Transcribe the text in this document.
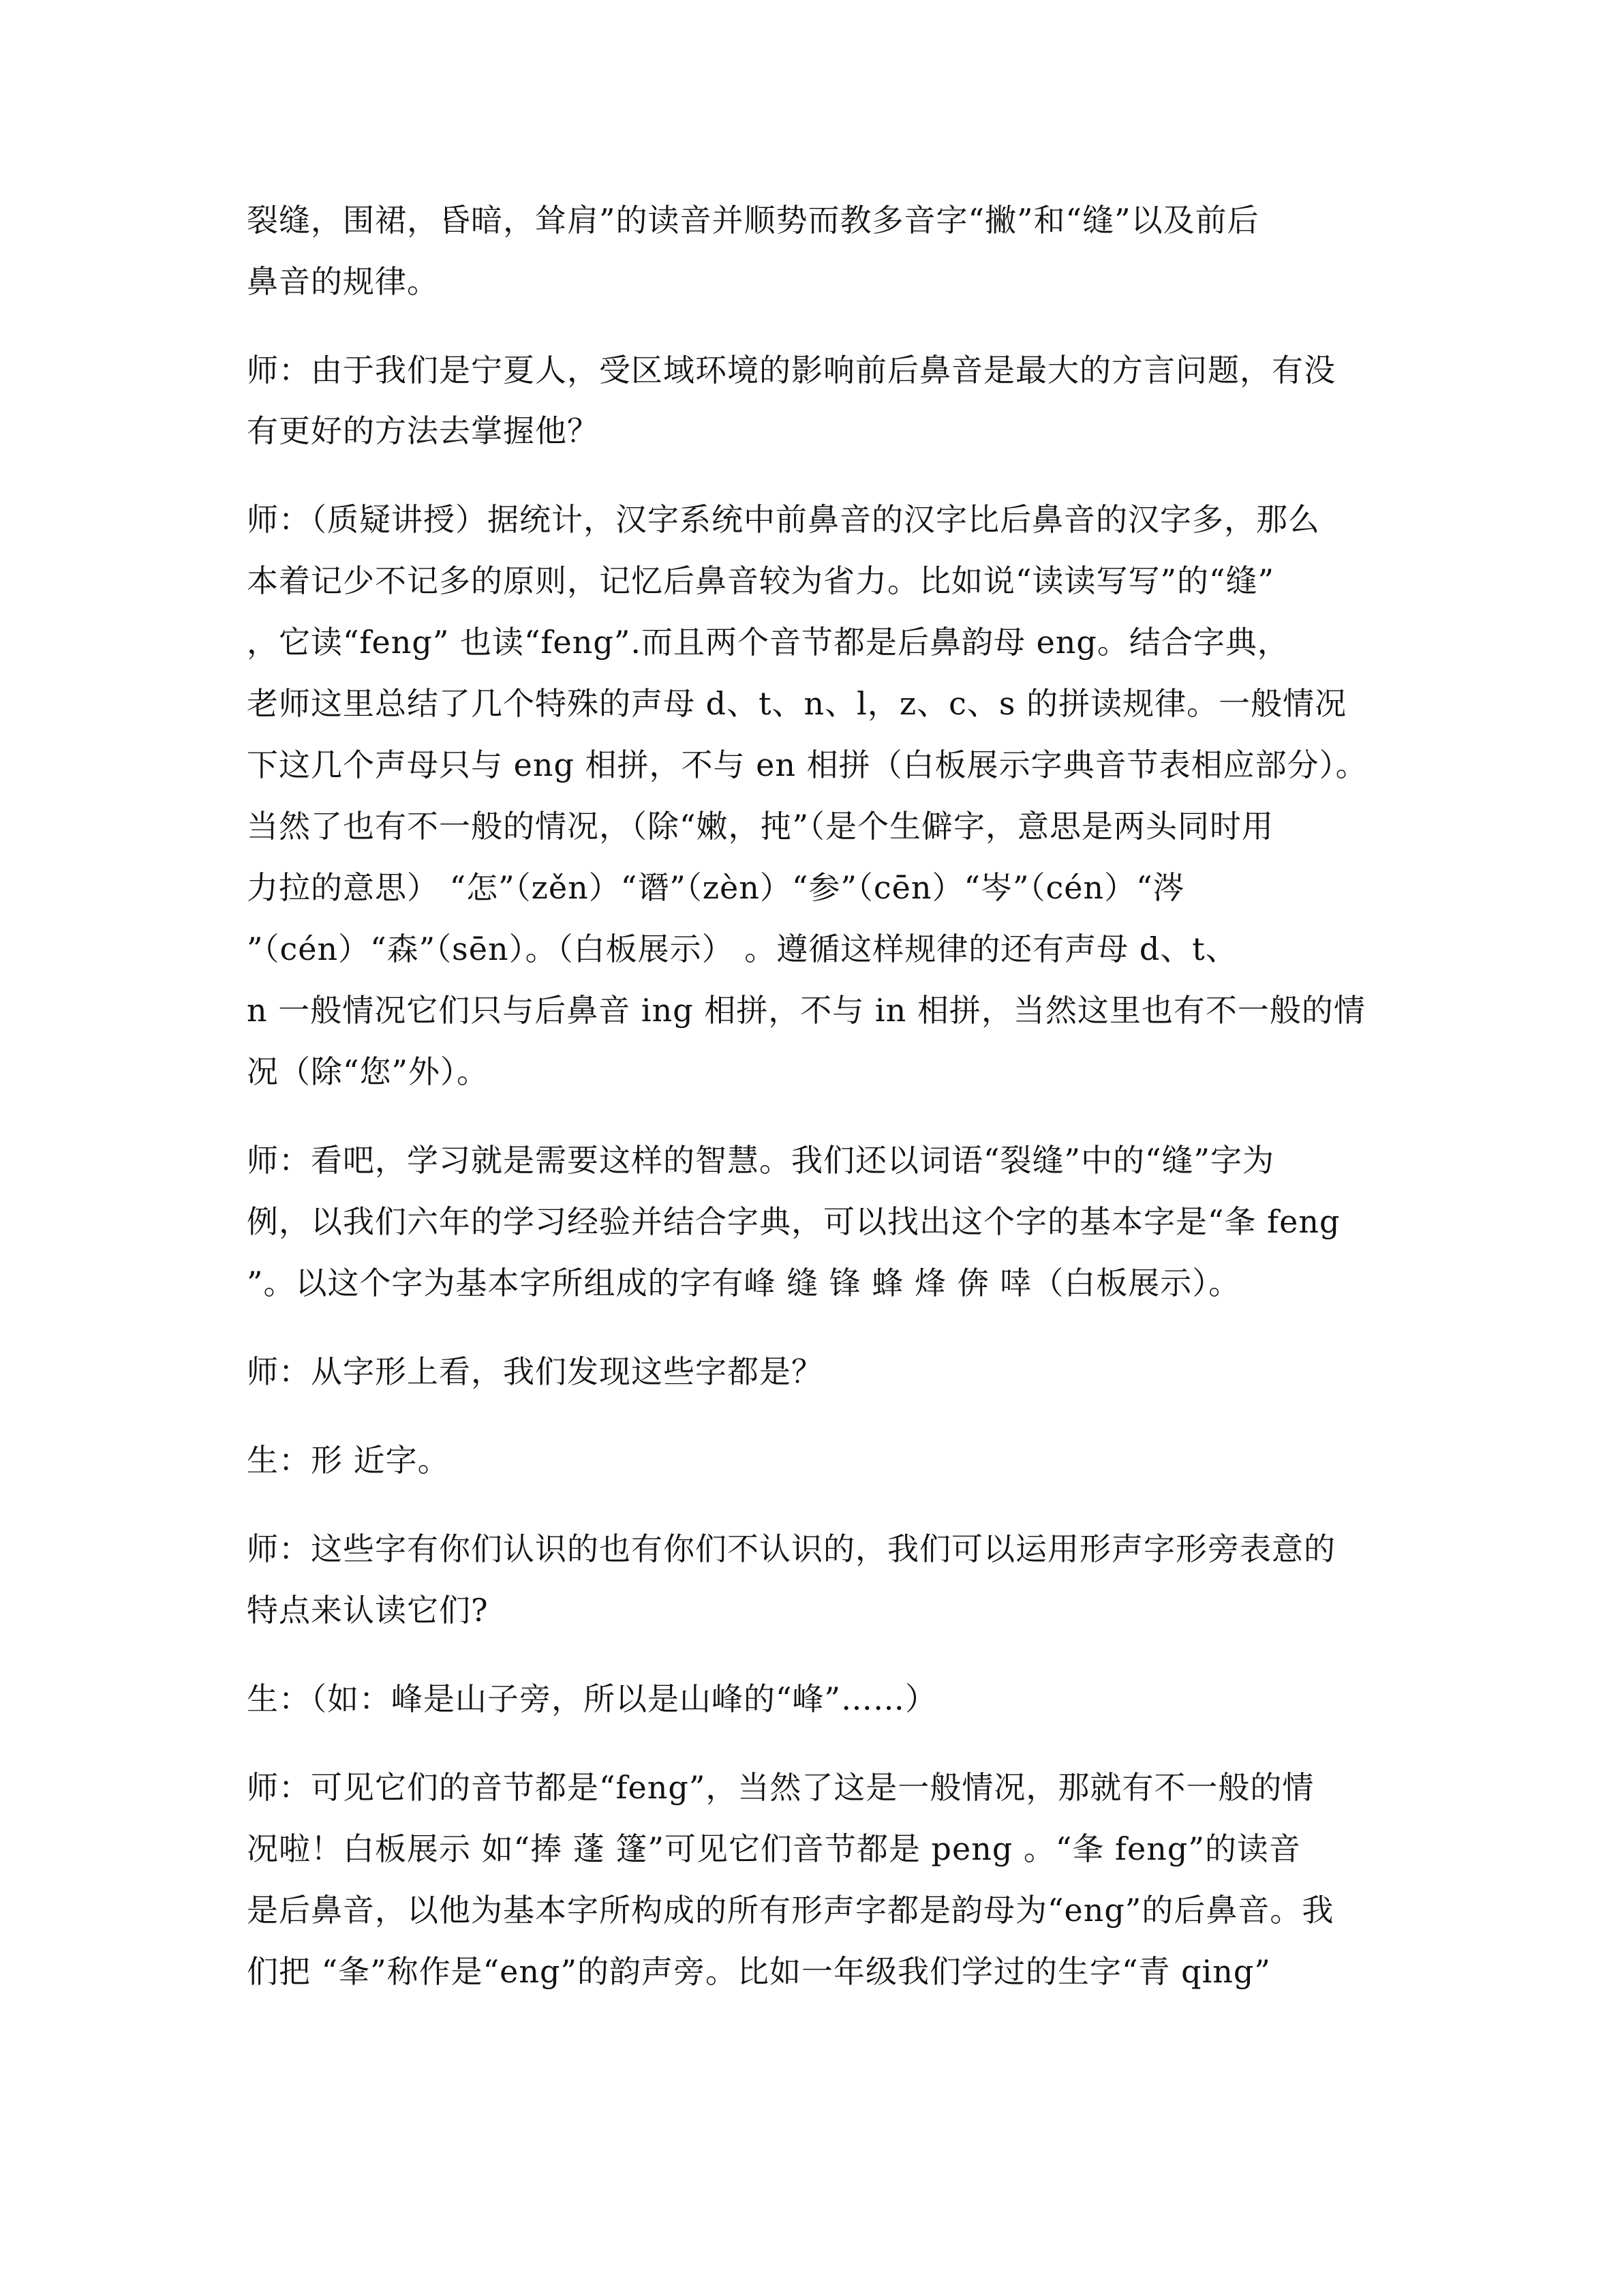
裂缝，围裙，昏暗，耸肩”的读音并顺势而教多音字“撇”和“缝”以及前后
鼻音的规律。
师：由于我们是宁夏人，受区域环境的影响前后鼻音是最大的方言问题，有没
有更好的方法去掌握他？
师：（质疑讲授）据统计，汉字系统中前鼻音的汉字比后鼻音的汉字多，那么
本着记少不记多的原则，记忆后鼻音较为省力。比如说“读读写写”的“缝”
，它读“feng” 也读“feng”.而且两个音节都是后鼻韵母 eng。结合字典，
老师这里总结了几个特殊的声母 d、t、n、l，z、c、s 的拼读规律。一般情况
下这几个声母只与 eng 相拼，不与 en 相拼（白板展示字典音节表相应部分）。
当然了也有不一般的情况，（除“嫩，扽”（是个生僻字，意思是两头同时用
力拉的意思） “怎”（zěn）“谮”（zèn）“参”（cēn）“岑”（cén）“涔
”（cén）“森”（sēn）。（白板展示） 。遵循这样规律的还有声母 d、t、
n 一般情况它们只与后鼻音 ing 相拼，不与 in 相拼，当然这里也有不一般的情
况（除“您”外）。
师：看吧，学习就是需要这样的智慧。我们还以词语“裂缝”中的“缝”字为
例，以我们六年的学习经验并结合字典，可以找出这个字的基本字是“夆 feng
”。以这个字为基本字所组成的字有峰 缝 锋 蜂 烽 倴 啈（白板展示）。
师：从字形上看，我们发现这些字都是？
生：形 近字。
师：这些字有你们认识的也有你们不认识的，我们可以运用形声字形旁表意的
特点来认读它们?
生：（如：峰是山子旁，所以是山峰的“峰”……）
师：可见它们的音节都是“feng”，当然了这是一般情况，那就有不一般的情
况啦！白板展示 如“捧 蓬 篷”可见它们音节都是 peng 。“夆 feng”的读音
是后鼻音，以他为基本字所构成的所有形声字都是韵母为“eng”的后鼻音。我
们把 “夆”称作是“eng”的韵声旁。比如一年级我们学过的生字“青 qing”
